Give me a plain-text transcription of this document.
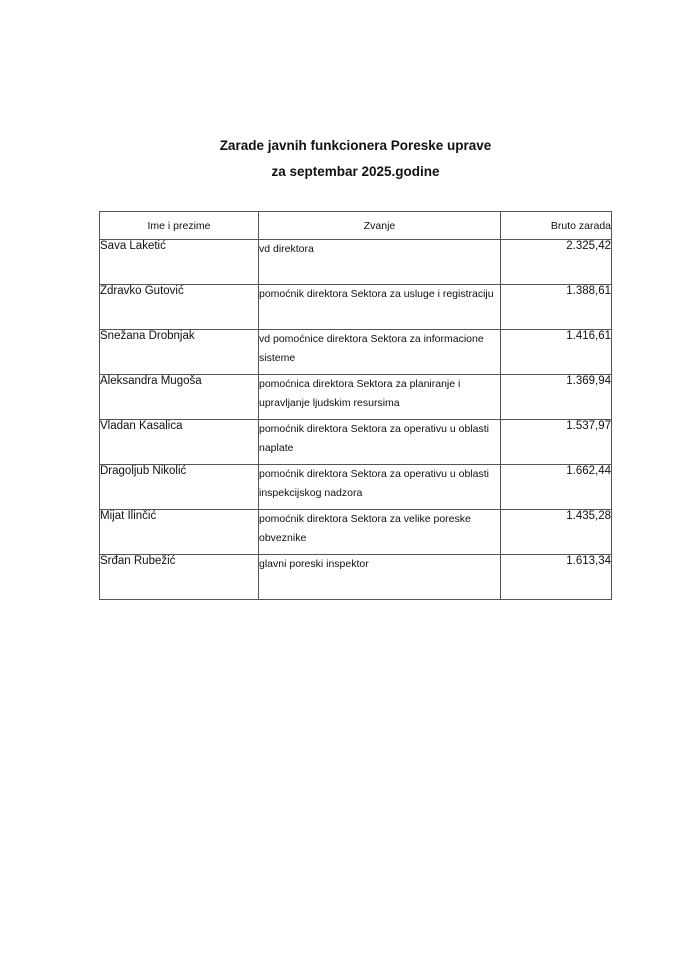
Zarade javnih funkcionera Poreske uprave
za septembar 2025.godine
Ime i prezime	Zvanje	Bruto zarada
Sava Laketić	vd direktora	2.325,42
Zdravko Gutović	pomoćnik direktora Sektora za usluge i registraciju	1.388,61
Snežana Drobnjak	vd pomoćnice direktora Sektora za informacione sisteme	1.416,61
Aleksandra Mugoša	pomoćnica direktora Sektora za planiranje i upravljanje ljudskim resursima	1.369,94
Vladan Kasalica	pomoćnik direktora Sektora za operativu u oblasti naplate	1.537,97
Dragoljub Nikolić	pomoćnik direktora Sektora za operativu u oblasti inspekcijskog nadzora	1.662,44
Mijat Ilinčić	pomoćnik direktora Sektora za velike poreske obveznike	1.435,28
Srđan Rubežić	glavni poreski inspektor	1.613,34
